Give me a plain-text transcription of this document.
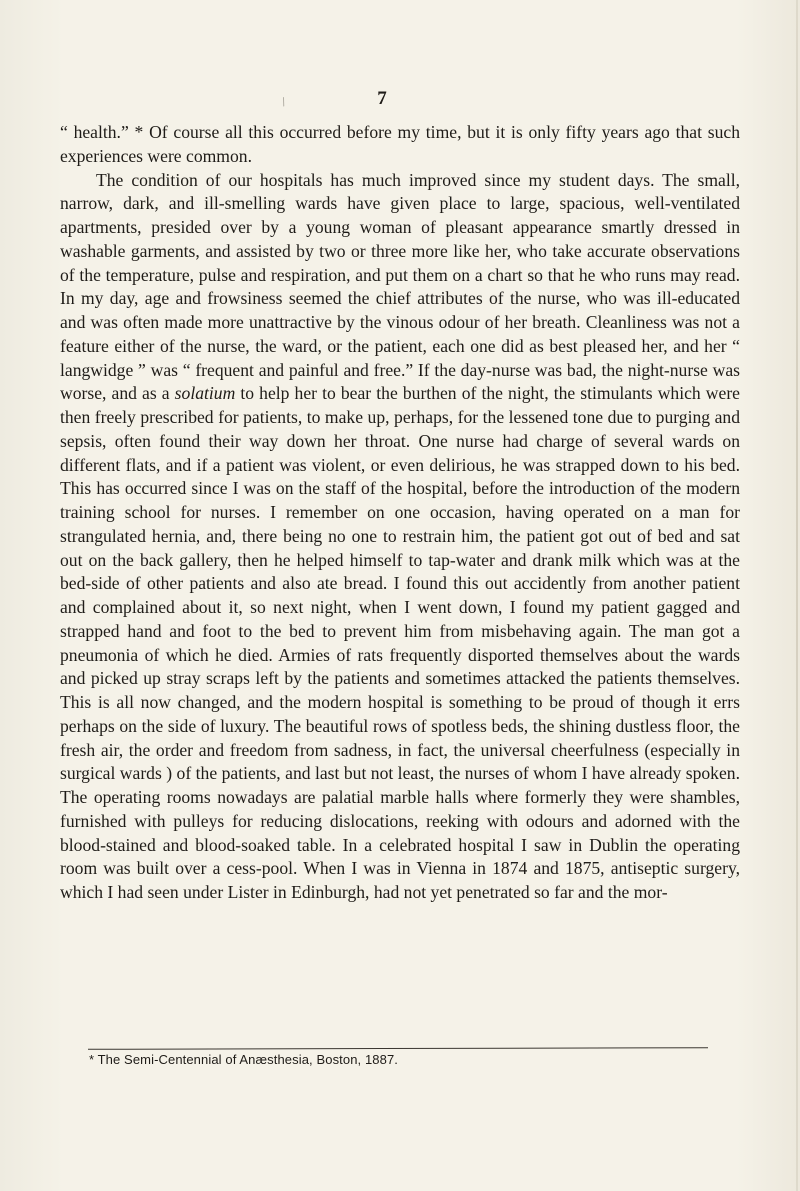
/	7

“ health.” * Of course all this occurred before my time, but it is only fifty years ago that such experiences were common.

The condition of our hospitals has much improved since my student days. The small, narrow, dark, and ill-smelling wards have given place to large, spacious, well-ventilated apartments, presided over by a young woman of pleasant appearance smartly dressed in washable garments, and assisted by two or three more like her, who take accurate observations of the temperature, pulse and respiration, and put them on a chart so that he who runs may read. In my day, age and frowsiness seemed the chief attributes of the nurse, who was ill-educated and was often made more unattractive by the vinous odour of her breath. Cleanliness was not a feature either of the nurse, the ward, or the patient, each one did as best pleased her, and her “ langwidge ” was “ frequent and painful and free.” If the day-nurse was bad, the night-nurse was worse, and as a solatium to help her to bear the burthen of the night, the stimulants which were then freely prescribed for patients, to make up, perhaps, for the lessened tone due to purging and sepsis, often found their way down her throat. One nurse had charge of several wards on different flats, and if a patient was violent, or even delirious, he was strapped down to his bed. This has occurred since I was on the staff of the hospital, before the introduction of the modern training school for nurses. I remember on one occasion, having operated on a man for strangulated hernia, and, there being no one to restrain him, the patient got out of bed and sat out on the back gallery, then he helped himself to tap-water and drank milk which was at the bed-side of other patients and also ate bread. I found this out accidently from another patient and complained about it, so next night, when I went down, I found my patient gagged and strapped hand and foot to the bed to prevent him from misbehaving again. The man got a pneumonia of which he died. Armies of rats frequently disported themselves about the wards and picked up stray scraps left by the patients and sometimes attacked the patients themselves. This is all now changed, and the modern hospital is something to be proud of though it errs perhaps on the side of luxury. The beautiful rows of spotless beds, the shining dustless floor, the fresh air, the order and freedom from sadness, in fact, the universal cheerfulness (especially in surgical wards ) of the patients, and last but not least, the nurses of whom I have already spoken. The operating rooms nowadays are palatial marble halls where formerly they were shambles, furnished with pulleys for reducing dislocations, reeking with odours and adorned with the blood-stained and blood-soaked table. In a celebrated hospital I saw in Dublin the operating room was built over a cess-pool. When I was in Vienna in 1874 and 1875, antiseptic surgery, which I had seen under Lister in Edinburgh, had not yet penetrated so far and the mor-

* The Semi-Centennial of Anæsthesia, Boston, 1887.
